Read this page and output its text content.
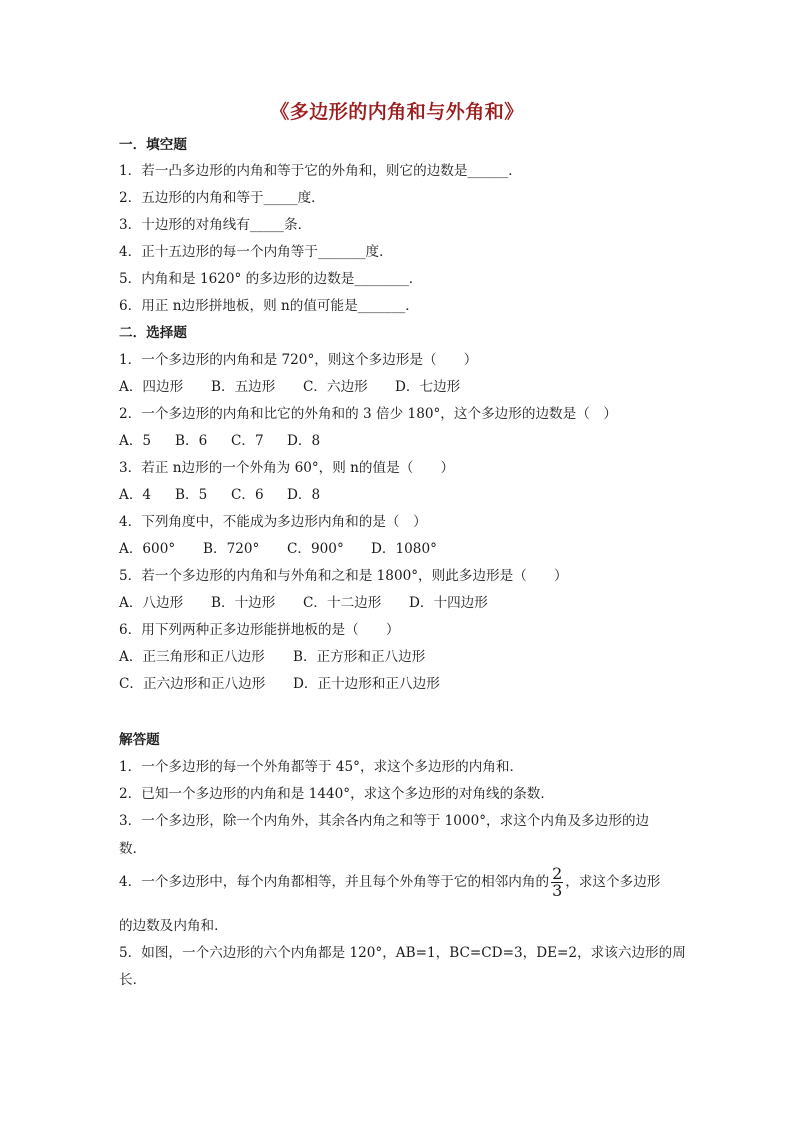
《多边形的内角和与外角和》
一．填空题
1．若一凸多边形的内角和等于它的外角和，则它的边数是______．
2．五边形的内角和等于_____度．
3．十边形的对角线有_____条．
4．正十五边形的每一个内角等于_______度．
5．内角和是 1620° 的多边形的边数是________．
6．用正 n边形拼地板，则 n的值可能是_______．
二．选择题
1．一个多边形的内角和是 720°，则这个多边形是（　　）
A．四边形 B．五边形 C．六边形 D．七边形
2．一个多边形的内角和比它的外角和的 3 倍少 180°，这个多边形的边数是（　）
A．5 B．6 C．7 D．8
3．若正 n边形的一个外角为 60°，则 n的值是（　　）
A．4 B．5 C．6 D．8
4．下列角度中，不能成为多边形内角和的是（　）
A．600° B．720° C．900° D．1080°
5．若一个多边形的内角和与外角和之和是 1800°，则此多边形是（　　）
A．八边形 B．十边形 C．十二边形 D．十四边形
6．用下列两种正多边形能拼地板的是（　　）
A．正三角形和正八边形 B．正方形和正八边形
C．正六边形和正八边形 D．正十边形和正八边形
解答题
1．一个多边形的每一个外角都等于 45°，求这个多边形的内角和．
2．已知一个多边形的内角和是 1440°，求这个多边形的对角线的条数．
3．一个多边形，除一个内角外，其余各内角之和等于 1000°，求这个内角及多边形的边
数．
4．一个多边形中，每个内角都相等，并且每个外角等于它的相邻内角的 $\frac{2}{3}$ ，求这个多边形
的边数及内角和．
5．如图，一个六边形的六个内角都是 120°，AB=1，BC=CD=3，DE=2，求该六边形的周
长．
